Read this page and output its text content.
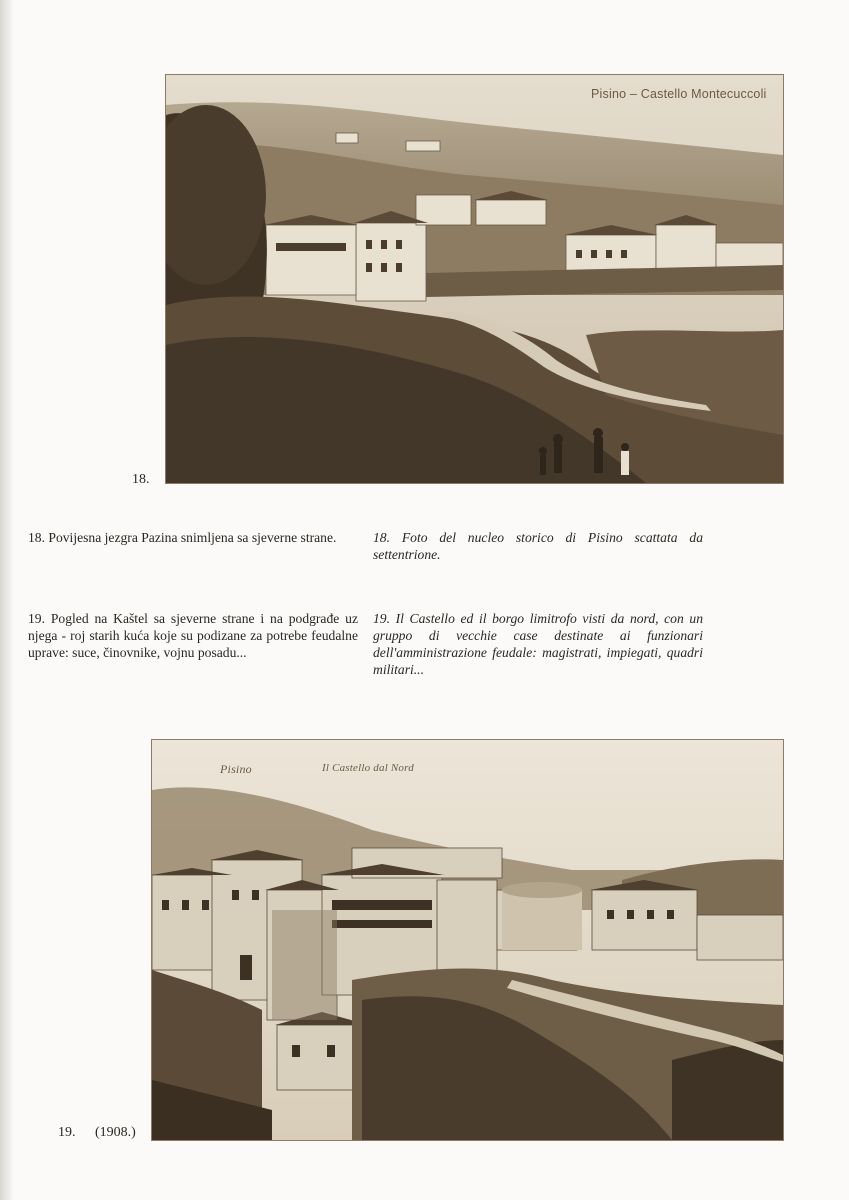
Pisino – Castello Montecuccoli
18.
18. Povijesna jezgra Pazina snimljena sa sjeverne strane.	18. Foto del nucleo storico di Pisino scattata da settentrione.
19. Pogled na Kaštel sa sjeverne strane i na podgrađe uz njega - roj starih kuća koje su podizane za potrebe feudalne uprave: suce, činovnike, vojnu posadu...
19. Il Castello ed il borgo limitrofo visti da nord, con un gruppo di vecchie case destinate ai funzionari dell'amministrazione feudale: magistrati, impiegati, quadri militari...
Pisino	Il Castello dal Nord
19. (1908.)
